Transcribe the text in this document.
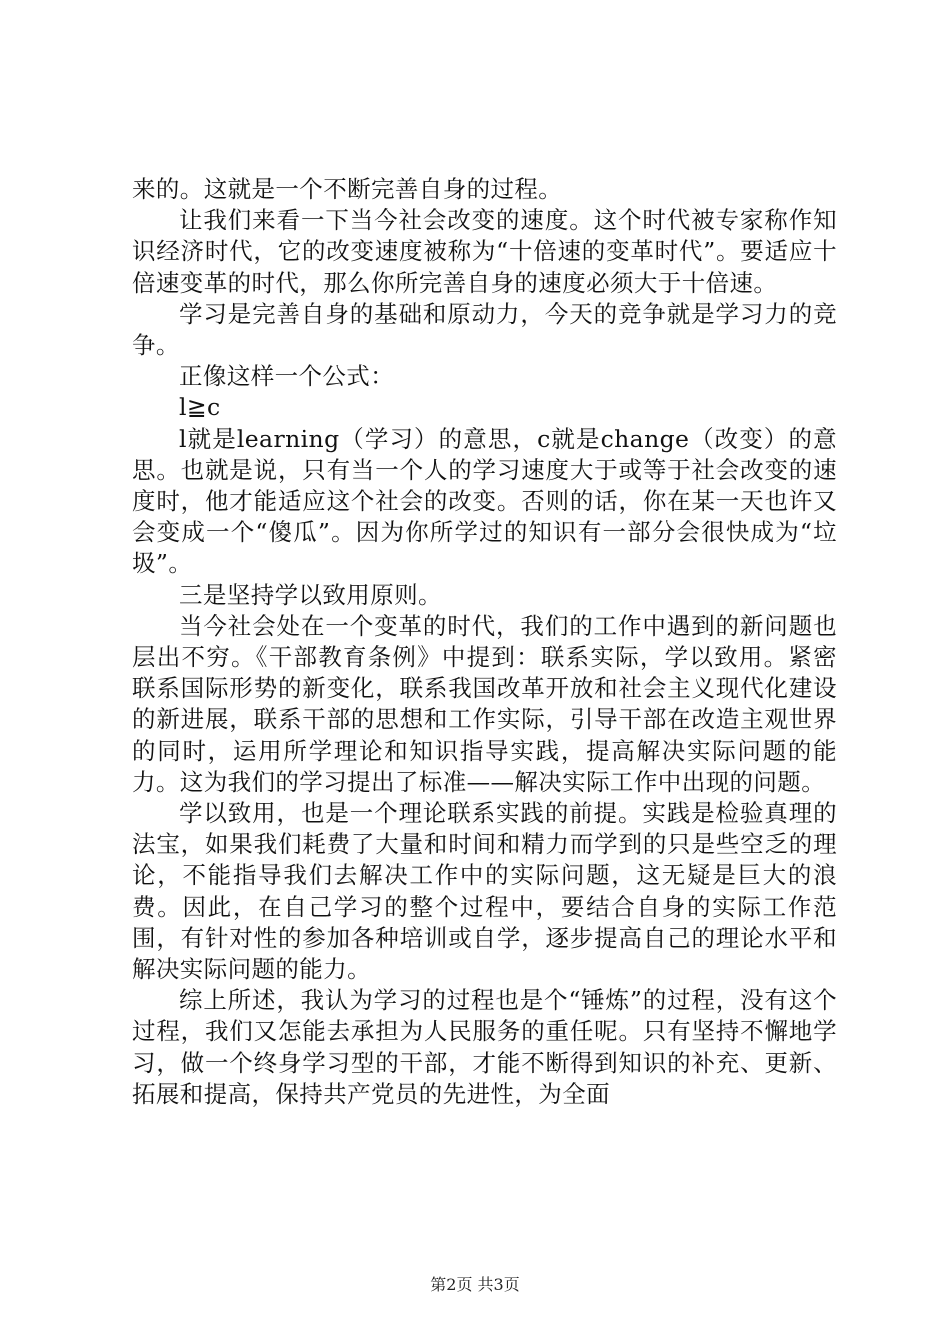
来的。这就是一个不断完善自身的过程。

让我们来看一下当今社会改变的速度。这个时代被专家称作知识经济时代，它的改变速度被称为“十倍速的变革时代”。要适应十倍速变革的时代，那么你所完善自身的速度必须大于十倍速。

学习是完善自身的基础和原动力，今天的竞争就是学习力的竞争。

正像这样一个公式：

l≧c

l就是learning（学习）的意思，c就是change（改变）的意思。也就是说，只有当一个人的学习速度大于或等于社会改变的速度时，他才能适应这个社会的改变。否则的话，你在某一天也许又会变成一个“傻瓜”。因为你所学过的知识有一部分会很快成为“垃圾”。

三是坚持学以致用原则。

当今社会处在一个变革的时代，我们的工作中遇到的新问题也层出不穷。《干部教育条例》中提到：联系实际，学以致用。紧密联系国际形势的新变化，联系我国改革开放和社会主义现代化建设的新进展，联系干部的思想和工作实际，引导干部在改造主观世界的同时，运用所学理论和知识指导实践，提高解决实际问题的能力。这为我们的学习提出了标准——解决实际工作中出现的问题。

学以致用，也是一个理论联系实践的前提。实践是检验真理的法宝，如果我们耗费了大量和时间和精力而学到的只是些空乏的理论，不能指导我们去解决工作中的实际问题，这无疑是巨大的浪费。因此，在自己学习的整个过程中，要结合自身的实际工作范围，有针对性的参加各种培训或自学，逐步提高自己的理论水平和解决实际问题的能力。

综上所述，我认为学习的过程也是个“锤炼”的过程，没有这个过程，我们又怎能去承担为人民服务的重任呢。只有坚持不懈地学习，做一个终身学习型的干部，才能不断得到知识的补充、更新、拓展和提高，保持共产党员的先进性，为全面

第2页 共3页
